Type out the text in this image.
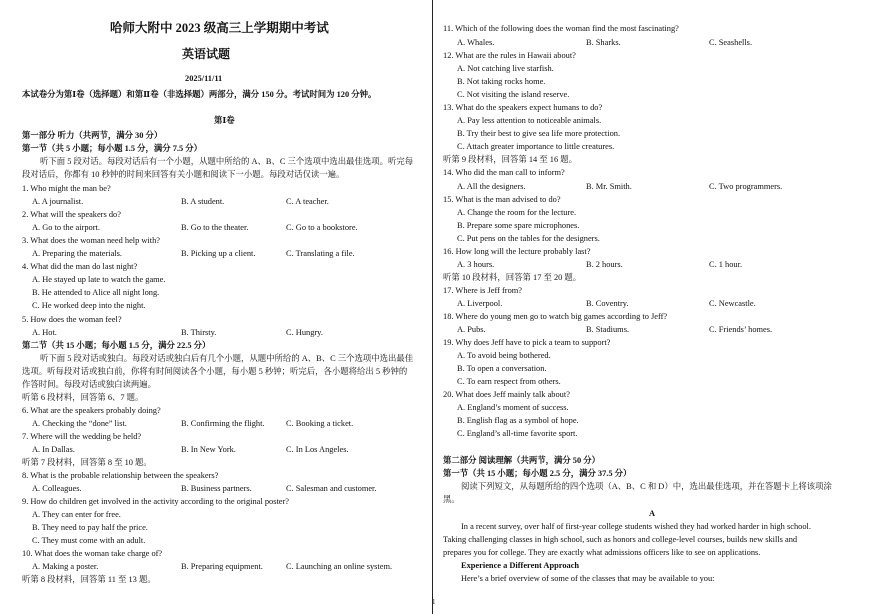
哈师大附中 2023 级高三上学期期中考试
英语试题
2025/11/11
本试卷分为第Ⅰ卷（选择题）和第Ⅱ卷（非选择题）两部分，满分 150 分。考试时间为 120 分钟。
第Ⅰ卷
第一部分 听力（共两节，满分 30 分）
第一节（共 5 小题；每小题 1.5 分，满分 7.5 分）
听下面 5 段对话。每段对话后有一个小题，从题中所给的 A、B、C 三个选项中选出最佳选项。听完每
段对话后，你都有 10 秒钟的时间来回答有关小题和阅读下一小题。每段对话仅读一遍。
1. Who might the man be?
A. A journalist.	B. A student.	C. A teacher.
2. What will the speakers do?
A. Go to the airport.	B. Go to the theater.	C. Go to a bookstore.
3. What does the woman need help with?
A. Preparing the materials.	B. Picking up a client.	C. Translating a file.
4. What did the man do last night?
A. He stayed up late to watch the game.
B. He attended to Alice all night long.
C. He worked deep into the night.
5. How does the woman feel?
A. Hot.	B. Thirsty.	C. Hungry.
第二节（共 15 小题；每小题 1.5 分，满分 22.5 分）
听下面 5 段对话或独白。每段对话或独白后有几个小题，从题中所给的 A、B、C 三个选项中选出最佳
选项。听每段对话或独白前，你将有时间阅读各个小题，每小题 5 秒钟；听完后，各小题将给出 5 秒钟的
作答时间。每段对话或独白读两遍。
听第 6 段材料，回答第 6、7 题。
6. What are the speakers probably doing?
A. Checking the “done” list.	B. Confirming the flight.	C. Booking a ticket.
7. Where will the wedding be held?
A. In Dallas.	B. In New York.	C. In Los Angeles.
听第 7 段材料，回答第 8 至 10 题。
8. What is the probable relationship between the speakers?
A. Colleagues.	B. Business partners.	C. Salesman and customer.
9. How do children get involved in the activity according to the original poster?
A. They can enter for free.
B. They need to pay half the price.
C. They must come with an adult.
10. What does the woman take charge of?
A. Making a poster.	B. Preparing equipment.	C. Launching an online system.
听第 8 段材料，回答第 11 至 13 题。
11. Which of the following does the woman find the most fascinating?
A. Whales.	B. Sharks.	C. Seashells.
12. What are the rules in Hawaii about?
A. Not catching live starfish.
B. Not taking rocks home.
C. Not visiting the island reserve.
13. What do the speakers expect humans to do?
A. Pay less attention to noticeable animals.
B. Try their best to give sea life more protection.
C. Attach greater importance to little creatures.
听第 9 段材料，回答第 14 至 16 题。
14. Who did the man call to inform?
A. All the designers.	B. Mr. Smith.	C. Two programmers.
15. What is the man advised to do?
A. Change the room for the lecture.
B. Prepare some spare microphones.
C. Put pens on the tables for the designers.
16. How long will the lecture probably last?
A. 3 hours.	B. 2 hours.	C. 1 hour.
听第 10 段材料，回答第 17 至 20 题。
17. Where is Jeff from?
A. Liverpool.	B. Coventry.	C. Newcastle.
18. Where do young men go to watch big games according to Jeff?
A. Pubs.	B. Stadiums.	C. Friends’ homes.
19. Why does Jeff have to pick a team to support?
A. To avoid being bothered.
B. To open a conversation.
C. To earn respect from others.
20. What does Jeff mainly talk about?
A. England’s moment of success.
B. English flag as a symbol of hope.
C. England’s all-time favorite sport.
第二部分 阅读理解（共两节，满分 50 分）
第一节（共 15 小题；每小题 2.5 分，满分 37.5 分）
阅读下列短文，从每题所给的四个选项（A、B、C 和 D）中，选出最佳选项，并在答题卡上将该项涂
黑。
A
In a recent survey, over half of first-year college students wished they had worked harder in high school.
Taking challenging classes in high school, such as honors and college-level courses, builds new skills and
prepares you for college. They are exactly what admissions officers like to see on applications.
Experience a Different Approach
Here’s a brief overview of some of the classes that may be available to you:
1
